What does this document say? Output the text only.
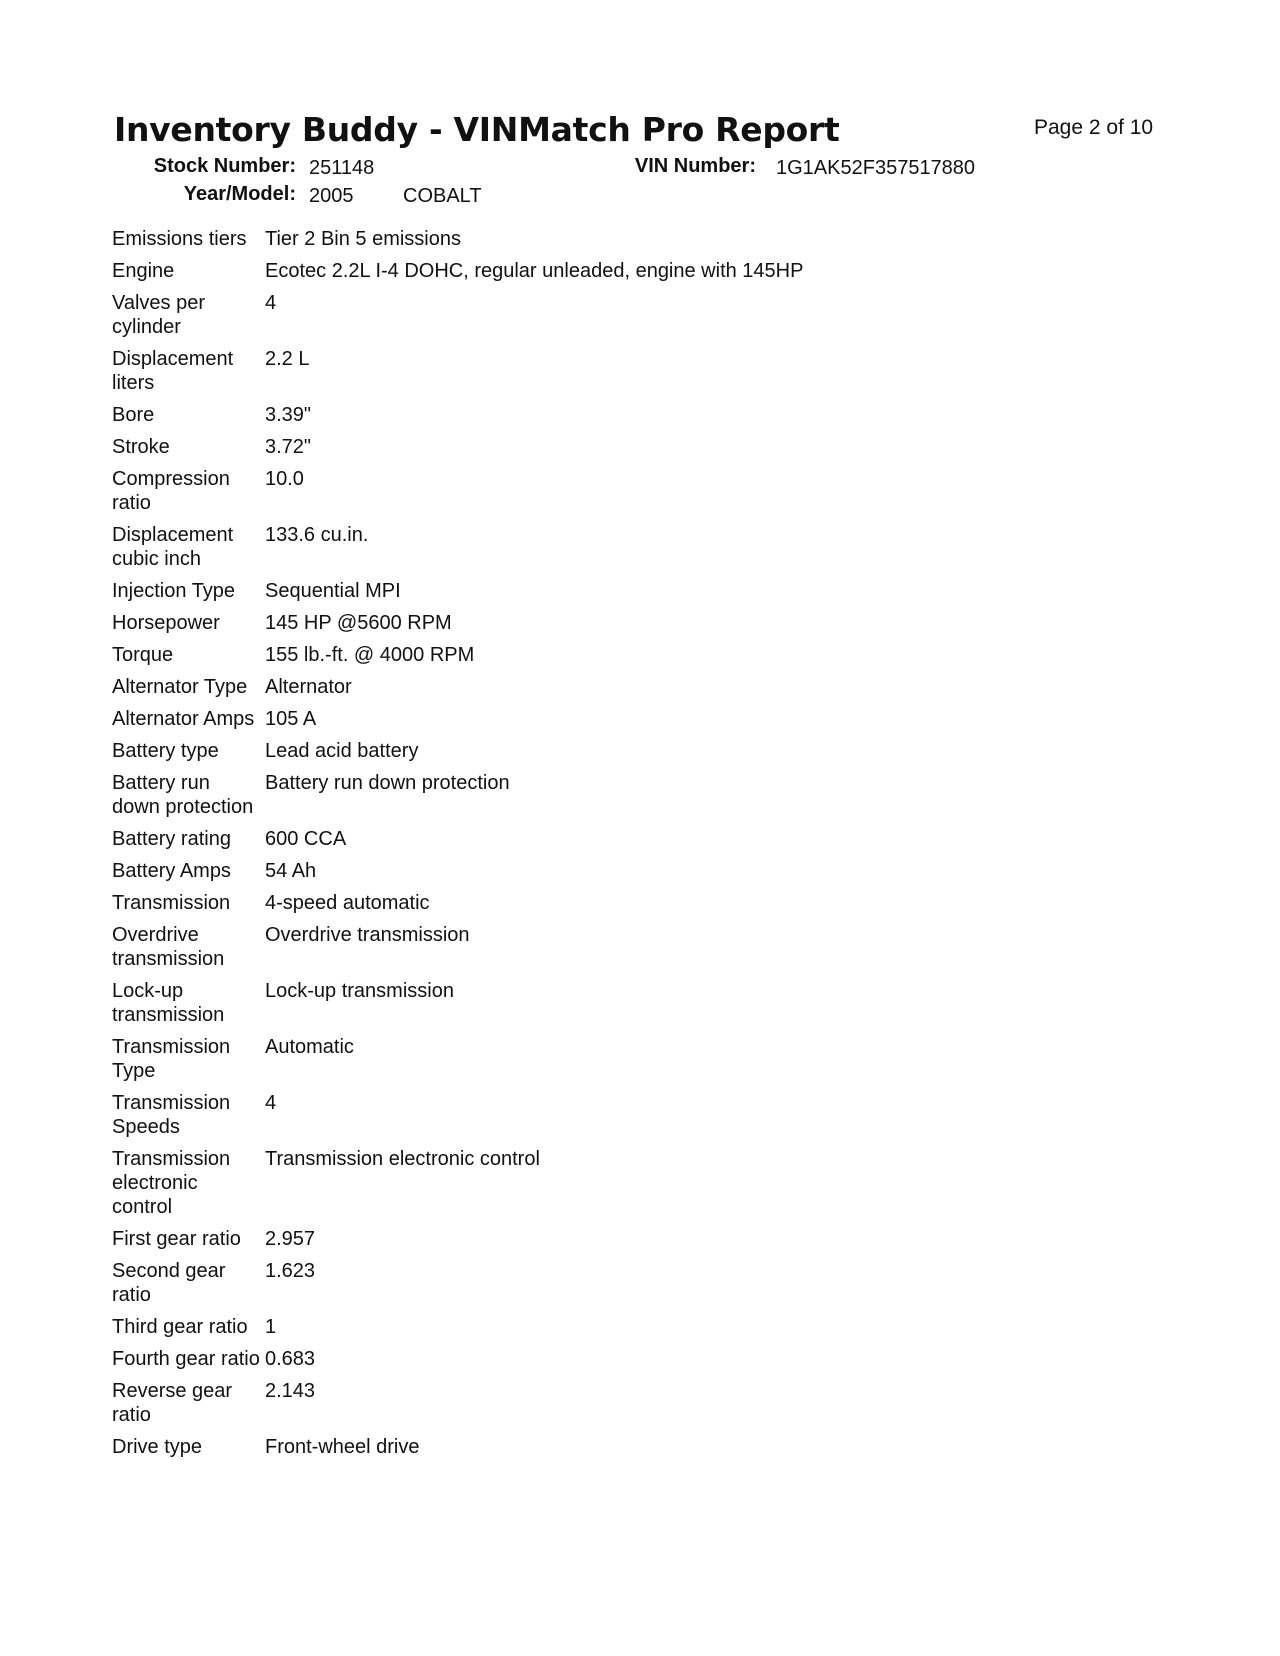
Inventory Buddy - VINMatch Pro Report	Page 2 of 10
Stock Number: 251148	VIN Number: 1G1AK52F357517880
Year/Model: 2005 COBALT
Emissions tiers	Tier 2 Bin 5 emissions
Engine	Ecotec 2.2L I-4 DOHC, regular unleaded, engine with 145HP
Valves per cylinder	4
Displacement liters	2.2 L
Bore	3.39"
Stroke	3.72"
Compression ratio	10.0
Displacement cubic inch	133.6 cu.in.
Injection Type	Sequential MPI
Horsepower	145 HP @5600 RPM
Torque	155 lb.-ft. @ 4000 RPM
Alternator Type	Alternator
Alternator Amps	105 A
Battery type	Lead acid battery
Battery run down protection	Battery run down protection
Battery rating	600 CCA
Battery Amps	54 Ah
Transmission	4-speed automatic
Overdrive transmission	Overdrive transmission
Lock-up transmission	Lock-up transmission
Transmission Type	Automatic
Transmission Speeds	4
Transmission electronic control	Transmission electronic control
First gear ratio	2.957
Second gear ratio	1.623
Third gear ratio	1
Fourth gear ratio	0.683
Reverse gear ratio	2.143
Drive type	Front-wheel drive
